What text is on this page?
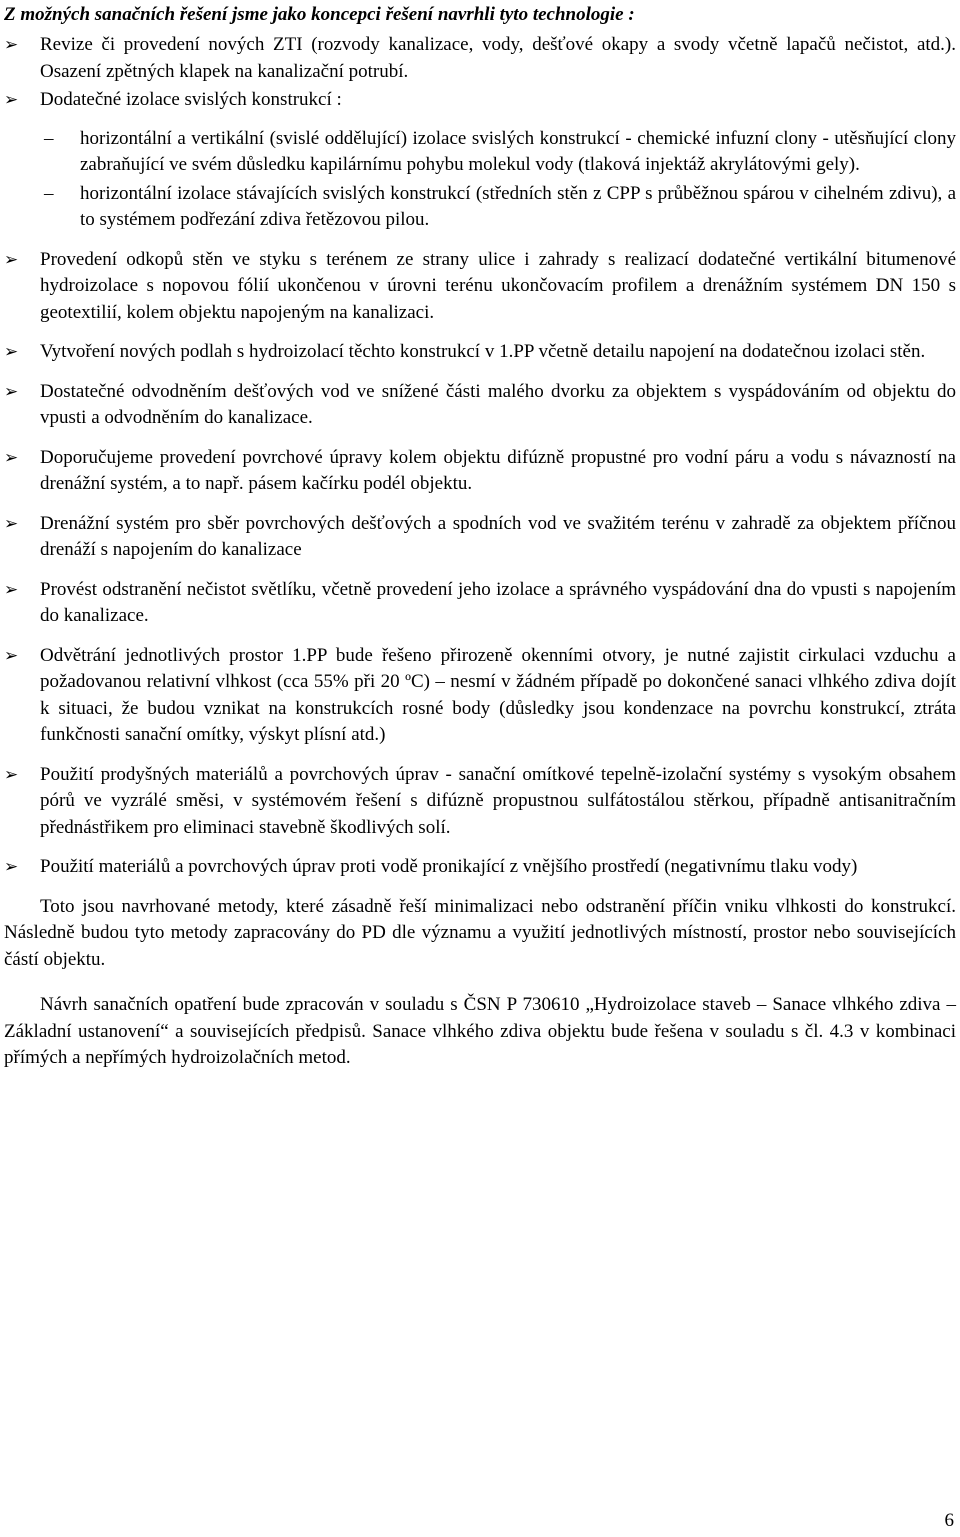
Z možných sanačních řešení jsme jako koncepci řešení navrhli tyto technologie :
➢	Revize či provedení nových ZTI (rozvody kanalizace, vody, dešťové okapy a svody včetně lapačů nečistot, atd.). Osazení zpětných klapek na kanalizační potrubí.
➢	Dodatečné izolace svislých konstrukcí :
– horizontální a vertikální (svislé oddělující) izolace svislých konstrukcí - chemické infuzní clony - utěsňující clony zabraňující ve svém důsledku kapilárnímu pohybu molekul vody (tlaková injektáž akrylátovými gely).
– horizontální izolace stávajících svislých konstrukcí (středních stěn z CPP s průběžnou spárou v cihelném zdivu), a to systémem podřezání zdiva řetězovou pilou.
➢	Provedení odkopů stěn ve styku s terénem ze strany ulice i zahrady s realizací dodatečné vertikální bitumenové hydroizolace s nopovou fólií ukončenou v úrovni terénu ukončovacím profilem a drenážním systémem DN 150 s geotextilií, kolem objektu napojeným na kanalizaci.
➢	Vytvoření nových podlah s hydroizolací těchto konstrukcí v 1.PP včetně detailu napojení na dodatečnou izolaci stěn.
➢	Dostatečné odvodněním dešťových vod ve snížené části malého dvorku za objektem s vyspádováním od objektu do vpusti a odvodněním do kanalizace.
➢	Doporučujeme provedení povrchové úpravy kolem objektu difúzně propustné pro vodní páru a vodu s návazností na drenážní systém, a to např. pásem kačírku podél objektu.
➢	Drenážní systém pro sběr povrchových dešťových a spodních vod ve svažitém terénu v zahradě za objektem příčnou drenáží s napojením do kanalizace
➢	Provést odstranění nečistot světlíku, včetně provedení jeho izolace a správného vyspádování dna do vpusti s napojením do kanalizace.
➢	Odvětrání jednotlivých prostor 1.PP bude řešeno přirozeně okenními otvory, je nutné zajistit cirkulaci vzduchu a požadovanou relativní vlhkost (cca 55% při 20 ºC) – nesmí v žádném případě po dokončené sanaci vlhkého zdiva dojít k situaci, že budou vznikat na konstrukcích rosné body (důsledky jsou kondenzace na povrchu konstrukcí, ztráta funkčnosti sanační omítky, výskyt plísní atd.)
➢	Použití prodyšných materiálů a povrchových úprav - sanační omítkové tepelně-izolační systémy s vysokým obsahem pórů ve vyzrálé směsi, v systémovém řešení s difúzně propustnou sulfátostálou stěrkou, případně antisanitračním přednástřikem pro eliminaci stavebně škodlivých solí.
➢	Použití materiálů a povrchových úprav proti vodě pronikající z vnějšího prostředí (negativnímu tlaku vody)

Toto jsou navrhované metody, které zásadně řeší minimalizaci nebo odstranění příčin vniku vlhkosti do konstrukcí. Následně budou tyto metody zapracovány do PD dle významu a využití jednotlivých místností, prostor nebo souvisejících částí objektu.

Návrh sanačních opatření bude zpracován v souladu s ČSN P 730610 „Hydroizolace staveb – Sanace vlhkého zdiva – Základní ustanovení“ a souvisejících předpisů. Sanace vlhkého zdiva objektu bude řešena v souladu s čl. 4.3 v kombinaci přímých a nepřímých hydroizolačních metod.

6
